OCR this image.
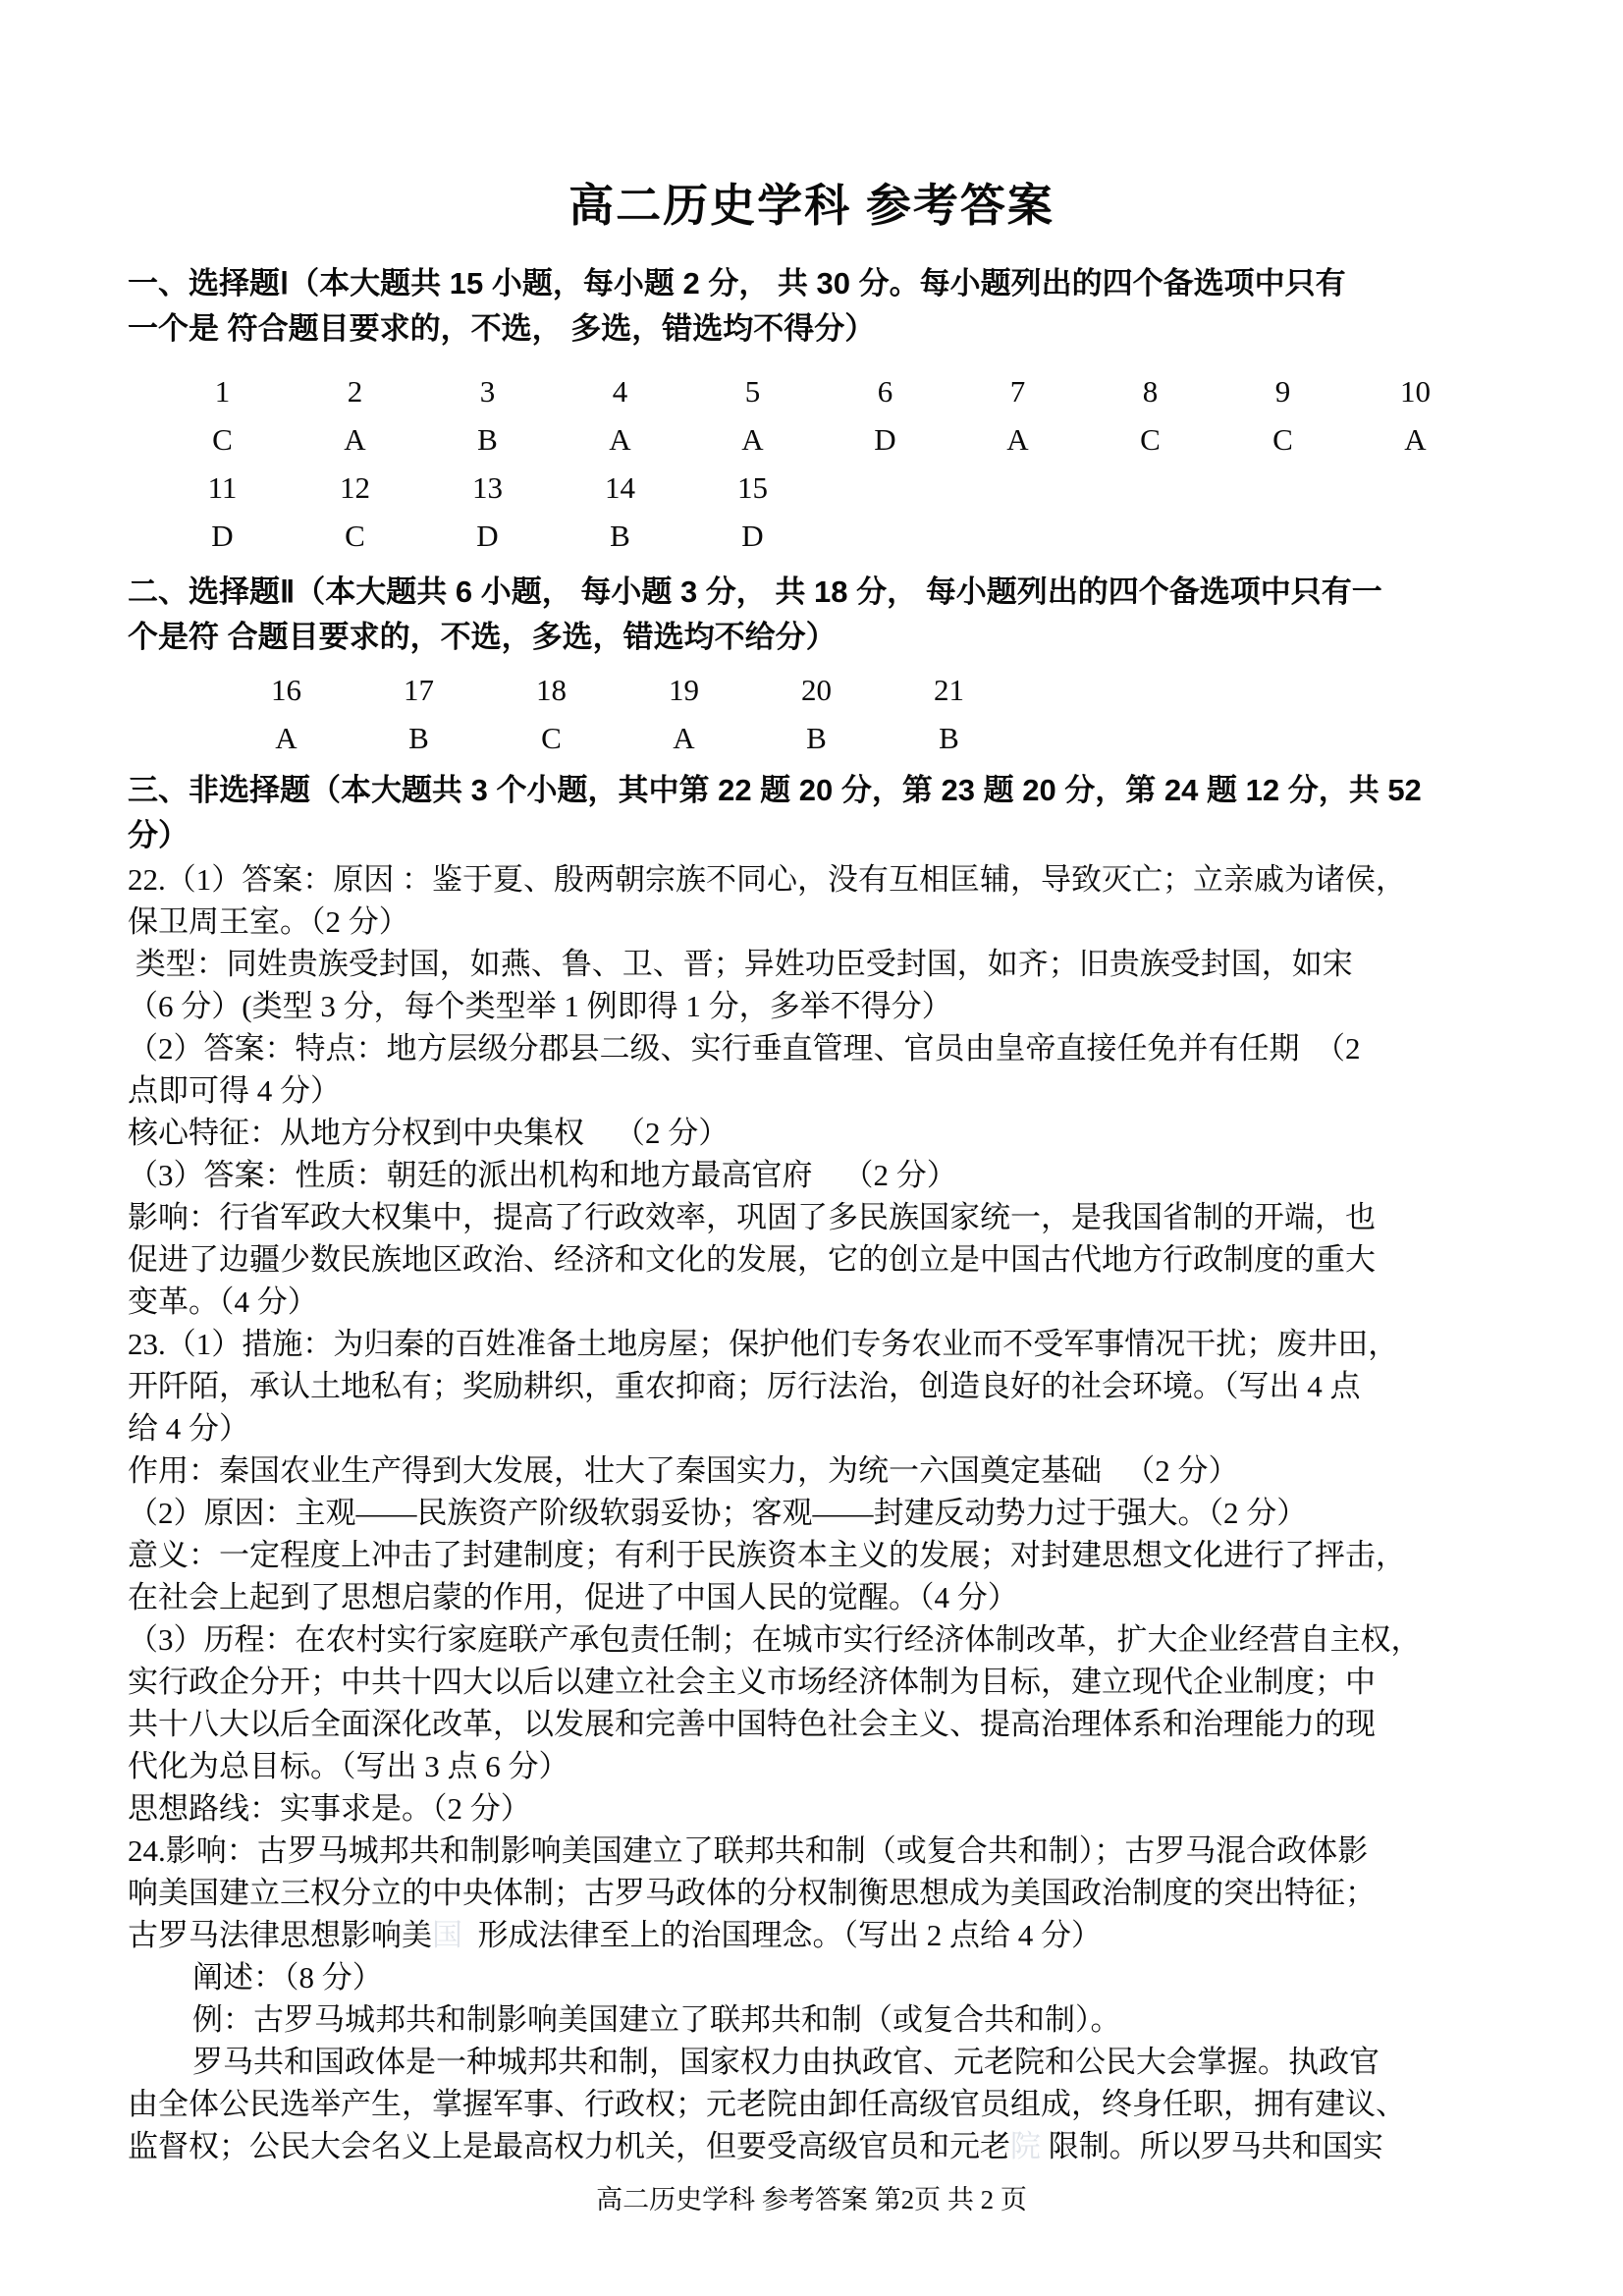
高二历史学科 参考答案
一、选择题Ⅰ（本大题共 15 小题，每小题 2 分， 共 30 分。每小题列出的四个备选项中只有
一个是 符合题目要求的，不选， 多选，错选均不得分）
1	2	3	4	5	6	7	8	9	10
C	A	B	A	A	D	A	C	C	A
11	12	13	14	15
D	C	D	B	D
二、选择题Ⅱ（本大题共 6 小题， 每小题 3 分， 共 18 分， 每小题列出的四个备选项中只有一
个是符 合题目要求的，不选，多选，错选均不给分）
16	17	18	19	20	21
A	B	C	A	B	B
三、非选择题（本大题共 3 个小题，其中第 22 题 20 分，第 23 题 20 分，第 24 题 12 分，共 52
分）
22.（1）答案：原因 ：鉴于夏、殷两朝宗族不同心，没有互相匡辅，导致灭亡；立亲戚为诸侯，
保卫周王室。（2 分）
类型：同姓贵族受封国，如燕、鲁、卫、晋；异姓功臣受封国，如齐；旧贵族受封国，如宋
（6 分）(类型 3 分，每个类型举 1 例即得 1 分，多举不得分）
（2）答案：特点：地方层级分郡县二级、实行垂直管理、官员由皇帝直接任免并有任期  （2
点即可得 4 分）
核心特征：从地方分权到中央集权    （2 分）
（3）答案：性质：朝廷的派出机构和地方最高官府    （2 分）
影响：行省军政大权集中，提高了行政效率，巩固了多民族国家统一，是我国省制的开端，也
促进了边疆少数民族地区政治、经济和文化的发展，它的创立是中国古代地方行政制度的重大
变革。（4 分）
23.（1）措施：为归秦的百姓准备土地房屋；保护他们专务农业而不受军事情况干扰；废井田，
开阡陌，承认土地私有；奖励耕织，重农抑商；厉行法治，创造良好的社会环境。（写出 4 点
给 4 分）
作用：秦国农业生产得到大发展，壮大了秦国实力，为统一六国奠定基础   （2 分）
（2）原因：主观——民族资产阶级软弱妥协；客观——封建反动势力过于强大。（2 分）
意义：一定程度上冲击了封建制度；有利于民族资本主义的发展；对封建思想文化进行了抨击，
在社会上起到了思想启蒙的作用，促进了中国人民的觉醒。（4 分）
（3）历程：在农村实行家庭联产承包责任制；在城市实行经济体制改革，扩大企业经营自主权，
实行政企分开；中共十四大以后以建立社会主义市场经济体制为目标，建立现代企业制度；中
共十八大以后全面深化改革，以发展和完善中国特色社会主义、提高治理体系和治理能力的现
代化为总目标。（写出 3 点 6 分）
思想路线：实事求是。（2 分）
24.影响：古罗马城邦共和制影响美国建立了联邦共和制（或复合共和制）；古罗马混合政体影
响美国建立三权分立的中央体制；古罗马政体的分权制衡思想成为美国政治制度的突出特征；
古罗马法律思想影响美国  形成法律至上的治国理念。（写出 2 点给 4 分）
阐述：（8 分）
例：古罗马城邦共和制影响美国建立了联邦共和制（或复合共和制）。
罗马共和国政体是一种城邦共和制，国家权力由执政官、元老院和公民大会掌握。执政官
由全体公民选举产生，掌握军事、行政权；元老院由卸任高级官员组成，终身任职，拥有建议、
监督权；公民大会名义上是最高权力机关，但要受高级官员和元老院 限制。所以罗马共和国实
高二历史学科 参考答案 第2页 共 2 页
